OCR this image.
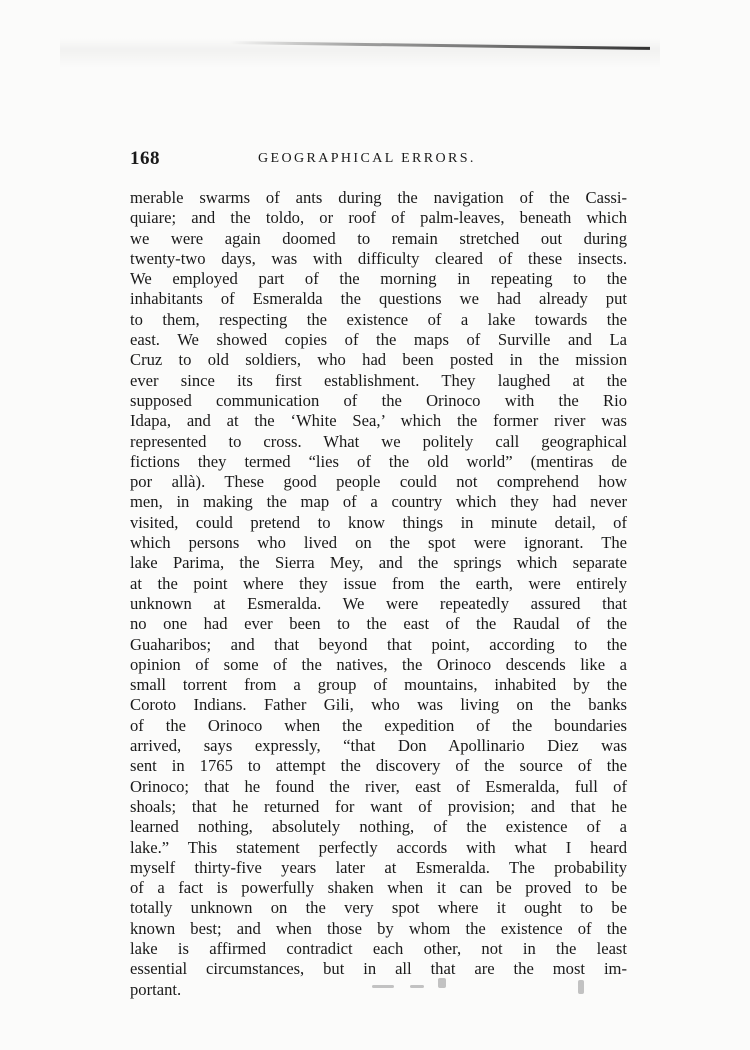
168	GEOGRAPHICAL ERRORS.
merable swarms of ants during the navigation of the Cassi-
quiare; and the toldo, or roof of palm-leaves, beneath which
we were again doomed to remain stretched out during
twenty-two days, was with difficulty cleared of these insects.
We employed part of the morning in repeating to the
inhabitants of Esmeralda the questions we had already put
to them, respecting the existence of a lake towards the
east. We showed copies of the maps of Surville and La
Cruz to old soldiers, who had been posted in the mission
ever since its first establishment. They laughed at the
supposed communication of the Orinoco with the Rio
Idapa, and at the ‘White Sea,’ which the former river was
represented to cross. What we politely call geographical
fictions they termed “lies of the old world” (mentiras de
por allà). These good people could not comprehend how
men, in making the map of a country which they had never
visited, could pretend to know things in minute detail, of
which persons who lived on the spot were ignorant. The
lake Parima, the Sierra Mey, and the springs which separate
at the point where they issue from the earth, were entirely
unknown at Esmeralda. We were repeatedly assured that
no one had ever been to the east of the Raudal of the
Guaharibos; and that beyond that point, according to the
opinion of some of the natives, the Orinoco descends like a
small torrent from a group of mountains, inhabited by the
Coroto Indians. Father Gili, who was living on the banks
of the Orinoco when the expedition of the boundaries
arrived, says expressly, “that Don Apollinario Diez was
sent in 1765 to attempt the discovery of the source of the
Orinoco; that he found the river, east of Esmeralda, full of
shoals; that he returned for want of provision; and that he
learned nothing, absolutely nothing, of the existence of a
lake.” This statement perfectly accords with what I heard
myself thirty-five years later at Esmeralda. The probability
of a fact is powerfully shaken when it can be proved to be
totally unknown on the very spot where it ought to be
known best; and when those by whom the existence of the
lake is affirmed contradict each other, not in the least
essential circumstances, but in all that are the most im-
portant.
